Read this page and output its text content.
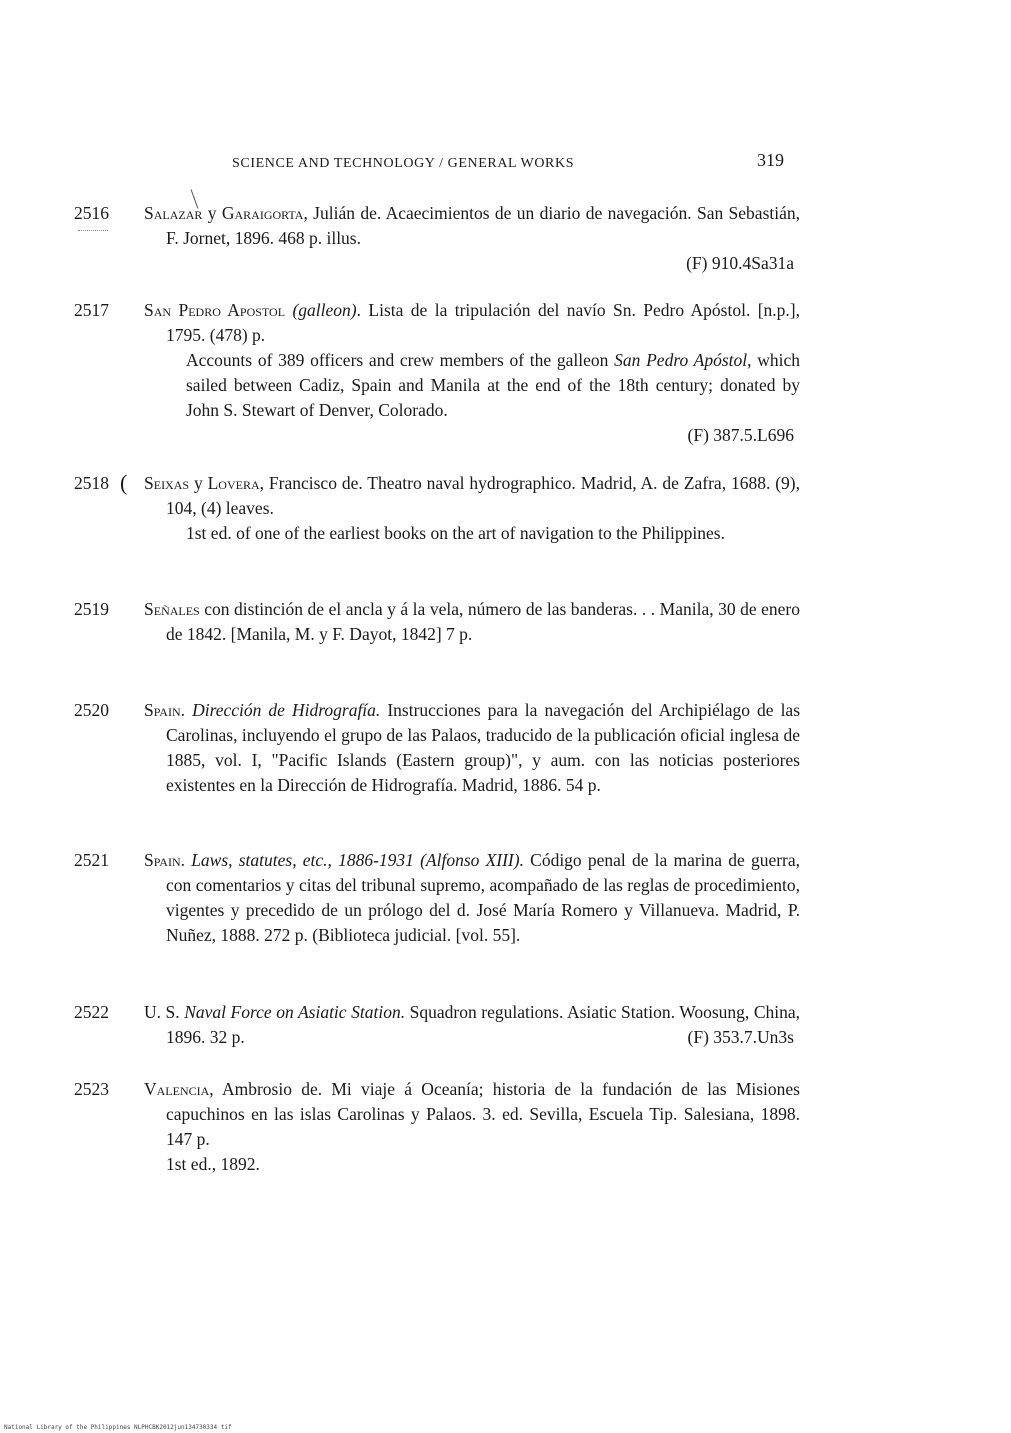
SCIENCE AND TECHNOLOGY / GENERAL WORKS	319
2516	Salazar y Garaigorta, Julián de. Acaecimientos de un diario de navegación. San Sebastián, F. Jornet, 1896. 468 p. illus.
(F) 910.4Sa31a
2517	San Pedro Apostol (galleon). Lista de la tripulación del navío Sn. Pedro Apóstol. [n.p.], 1795. (478) p.
Accounts of 389 officers and crew members of the galleon San Pedro Apóstol, which sailed between Cadiz, Spain and Manila at the end of the 18th century; donated by John S. Stewart of Denver, Colorado.
(F) 387.5.L696
(
2518	Seixas y Lovera, Francisco de. Theatro naval hydrographico. Madrid, A. de Zafra, 1688. (9), 104, (4) leaves.
1st ed. of one of the earliest books on the art of navigation to the Philippines.
2519	Señales con distinción de el ancla y á la vela, número de las banderas. . . Manila, 30 de enero de 1842. [Manila, M. y F. Dayot, 1842] 7 p.
2520	Spain. Dirección de Hidrografía. Instrucciones para la navegación del Archipiélago de las Carolinas, incluyendo el grupo de las Palaos, traducido de la publicación oficial inglesa de 1885, vol. I, "Pacific Islands (Eastern group)", y aum. con las noticias posteriores existentes en la Dirección de Hidrografía. Madrid, 1886. 54 p.
2521	Spain. Laws, statutes, etc., 1886-1931 (Alfonso XIII). Código penal de la marina de guerra, con comentarios y citas del tribunal supremo, acompañado de las reglas de procedimiento, vigentes y precedido de un prólogo del d. José María Romero y Villanueva. Madrid, P. Nuñez, 1888. 272 p. (Biblioteca judicial. [vol. 55].
2522	U. S. Naval Force on Asiatic Station. Squadron regulations. Asiatic Station. Woosung, China, 1896. 32 p.	(F) 353.7.Un3s
2523	Valencia, Ambrosio de. Mi viaje á Oceanía; historia de la fundación de las Misiones capuchinos en las islas Carolinas y Palaos. 3. ed. Sevilla, Escuela Tip. Salesiana, 1898. 147 p.
1st ed., 1892.
National Library of the Philippines NLPHCBK2012jun134730334 tif
